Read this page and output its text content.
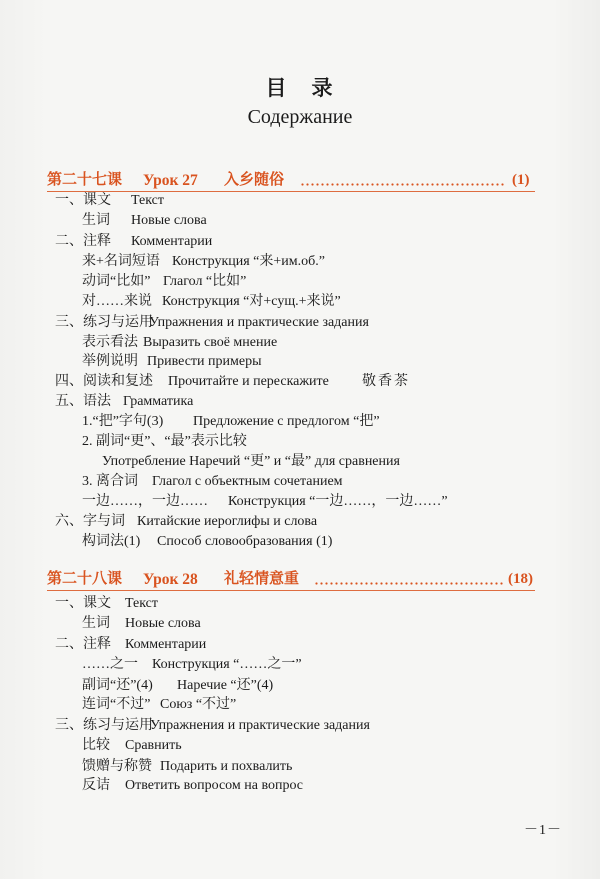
目　录
Содержание
第二十七课 Урок 27 入乡随俗	(1)
一、课文 Текст
生词 Новые слова
二、注释 Комментарии
来+名词短语 Конструкция “来+им.об.”
动词“比如” Глагол “比如”
对……来说 Конструкция “对+сущ.+来说”
三、练习与运用
Упражнения и практические задания
表示看法 Выразить своё мнение
举例说明 Привести примеры
四、阅读和复述 Прочитайте и перескажите 敬香茶
五、语法 Грамматика
1.“把”字句(3) Предложение с предлогом “把”
2. 副词“更”、“最”表示比较
Употребление Наречий “更” и “最” для сравнения
3. 离合词 Глагол с объектным сочетанием
一边……，一边…… Конструкция “一边……，一边……”
六、字与词 Китайские иероглифы и слова
构词法(1) Способ словообразования (1)
第二十八课 Урок 28 礼轻情意重	(18)
一、课文 Текст
生词 Новые слова
二、注释 Комментарии
……之一 Конструкция “……之一”
副词“还”(4) Наречие “还”(4)
连词“不过” Союз “不过”
三、练习与运用
Упражнения и практические задания
比较 Сравнить
馈赠与称赞 Подарить и похвалить
反诘 Ответить вопросом на вопрос
－1－
